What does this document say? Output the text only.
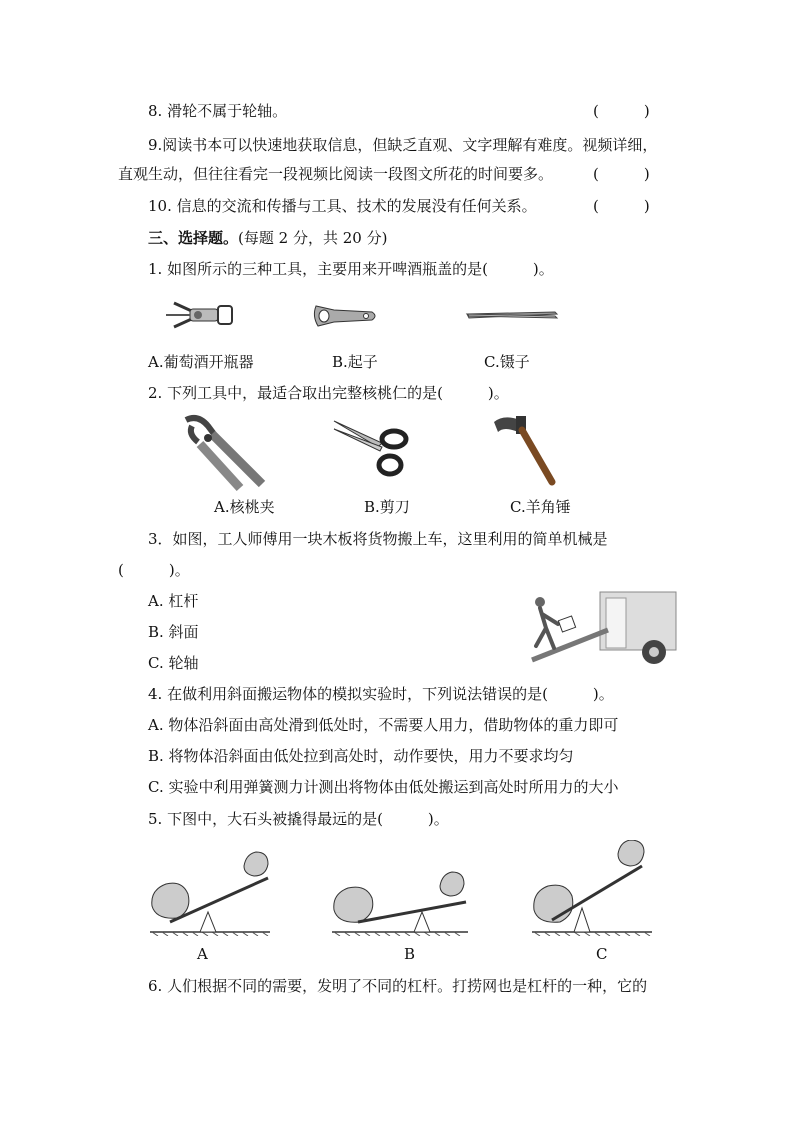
8. 滑轮不属于轮轴。	(　　　)
9.阅读书本可以快速地获取信息，但缺乏直观、文字理解有难度。视频详细，
直观生动，但往往看完一段视频比阅读一段图文所花的时间要多。	(　　　)
10. 信息的交流和传播与工具、技术的发展没有任何关系。	(　　　)
三、选择题。(每题 2 分，共 20 分)
1. 如图所示的三种工具，主要用来开啤酒瓶盖的是(　　　)。
A.葡萄酒开瓶器	B.起子	C.镊子
2. 下列工具中，最适合取出完整核桃仁的是(　　　)。
A.核桃夹	B.剪刀	C.羊角锤
3．如图，工人师傅用一块木板将货物搬上车，这里利用的简单机械是
(　　　)。
A. 杠杆
B. 斜面
C. 轮轴
4. 在做利用斜面搬运物体的模拟实验时，下列说法错误的是(　　　)。
A. 物体沿斜面由高处滑到低处时，不需要人用力，借助物体的重力即可
B. 将物体沿斜面由低处拉到高处时，动作要快，用力不要求均匀
C. 实验中利用弹簧测力计测出将物体由低处搬运到高处时所用力的大小
5. 下图中，大石头被撬得最远的是(　　　)。
A	B	C
6. 人们根据不同的需要，发明了不同的杠杆。打捞网也是杠杆的一种，它的
